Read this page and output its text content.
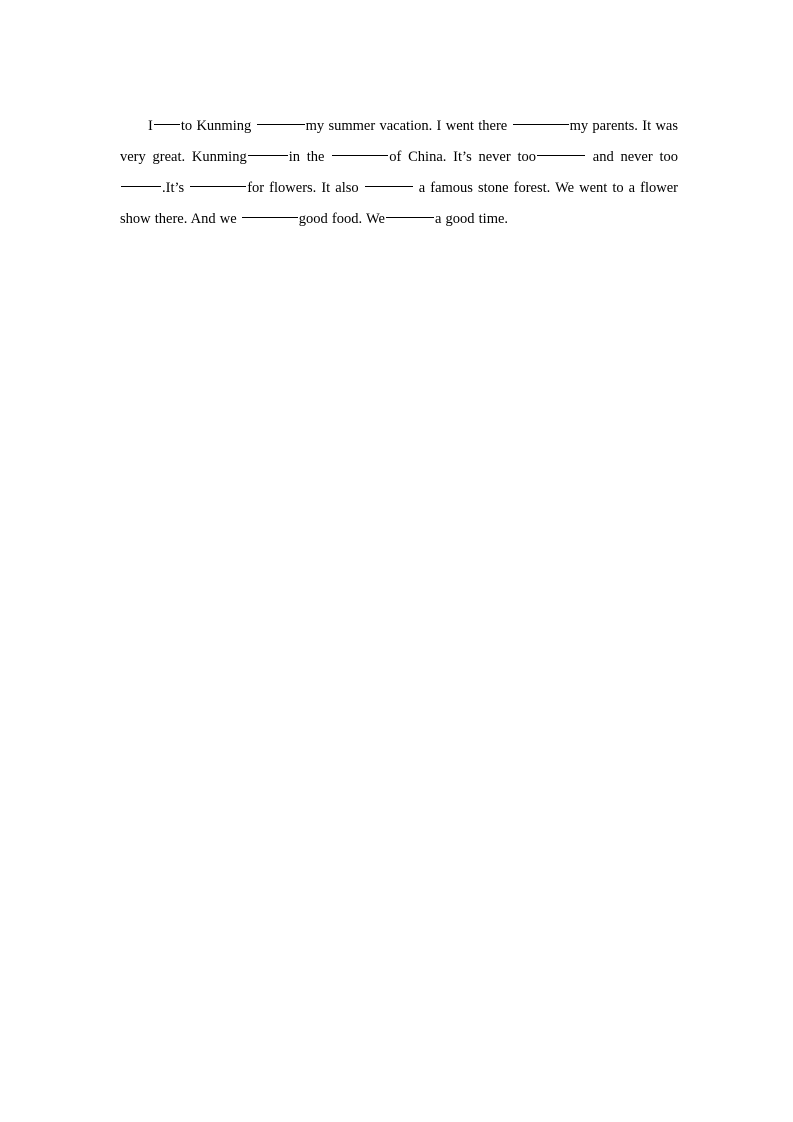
I to Kunming	my summer vacation. I went there	my parents. It was very great. Kunming	in the	of China. It’s never too	and never too .It’s	for flowers. It also	a famous stone forest. We went to a flower show there. And we	good food. We	a good time.
